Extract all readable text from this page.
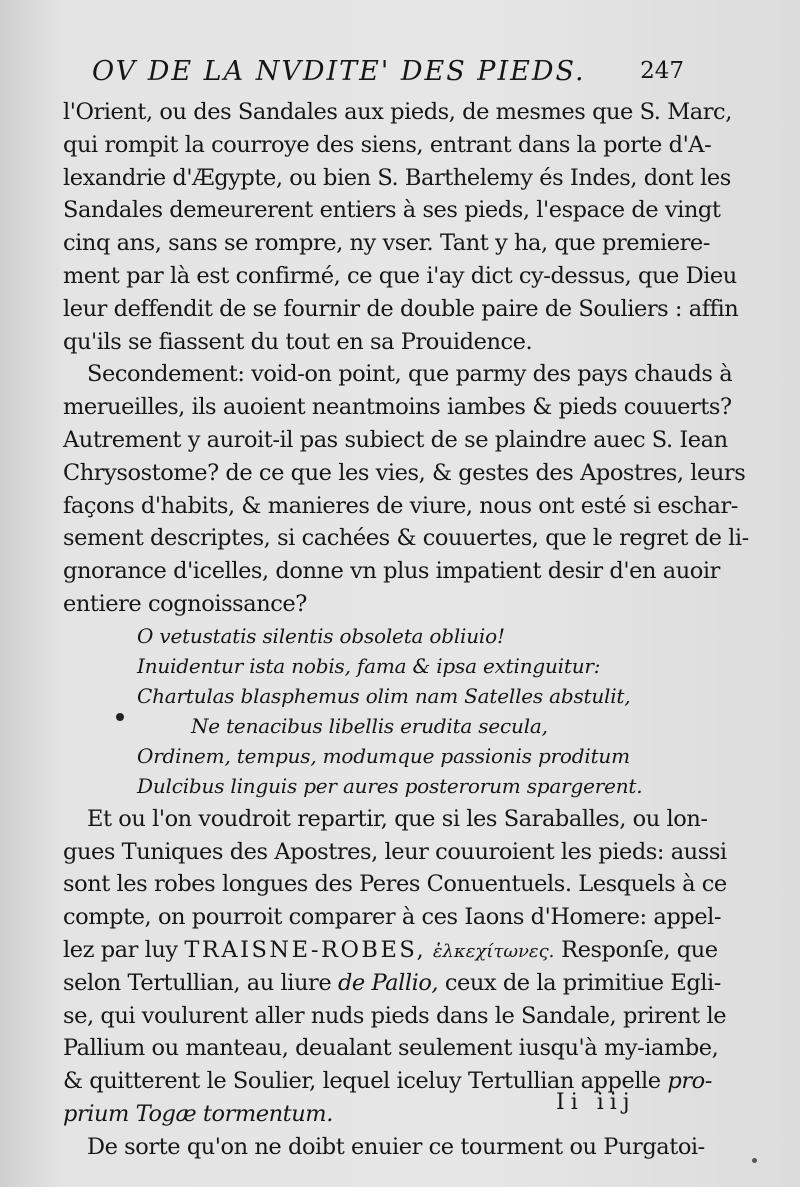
OV DE LA NVDITE' DES PIEDS. 247
l'Orient, ou des Sandales aux pieds, de mesmes que S. Marc,
qui rompit la courroye des siens, entrant dans la porte d'A-
lexandrie d'Ægypte, ou bien S. Barthelemy és Indes, dont les
Sandales demeurerent entiers à ses pieds, l'espace de vingt
cinq ans, sans se rompre, ny vser. Tant y ha, que premiere-
ment par là est confirmé, ce que i'ay dict cy-dessus, que Dieu
leur deffendit de se fournir de double paire de Souliers : affin
qu'ils se fiassent du tout en sa Prouidence.
Secondement: void-on point, que parmy des pays chauds à
merueilles, ils auoient neantmoins iambes & pieds couuerts?
Autrement y auroit-il pas subiect de se plaindre auec S. Iean
Chrysostome? de ce que les vies, & gestes des Apostres, leurs
façons d'habits, & manieres de viure, nous ont esté si eschar-
sement descriptes, si cachées & couuertes, que le regret de li-
gnorance d'icelles, donne vn plus impatient desir d'en auoir
entiere cognoissance?
O vetustatis silentis obsoleta obliuio!
Inuidentur ista nobis, fama & ipsa extinguitur:
Chartulas blasphemus olim nam Satelles abstulit,
Ne tenacibus libellis erudita secula,
Ordinem, tempus, modumque passionis proditum
Dulcibus linguis per aures posterorum spargerent.
Et ou l'on voudroit repartir, que si les Saraballes, ou lon-
gues Tuniques des Apostres, leur couuroient les pieds: aussi
sont les robes longues des Peres Conuentuels. Lesquels à ce
compte, on pourroit comparer à ces Iaons d'Homere: appel-
lez par luy TRAISNE-ROBES, ἑλκεχίτωνες. Responſe, que
selon Tertullian, au liure de Pallio, ceux de la primitiue Egli-
se, qui voulurent aller nuds pieds dans le Sandale, prirent le
Pallium ou manteau, deualant seulement iusqu'à my-iambe,
& quitterent le Soulier, lequel iceluy Tertullian appelle pro-
prium Togæ tormentum.
De sorte qu'on ne doibt enuier ce tourment ou Purgatoi-
Ii iij
